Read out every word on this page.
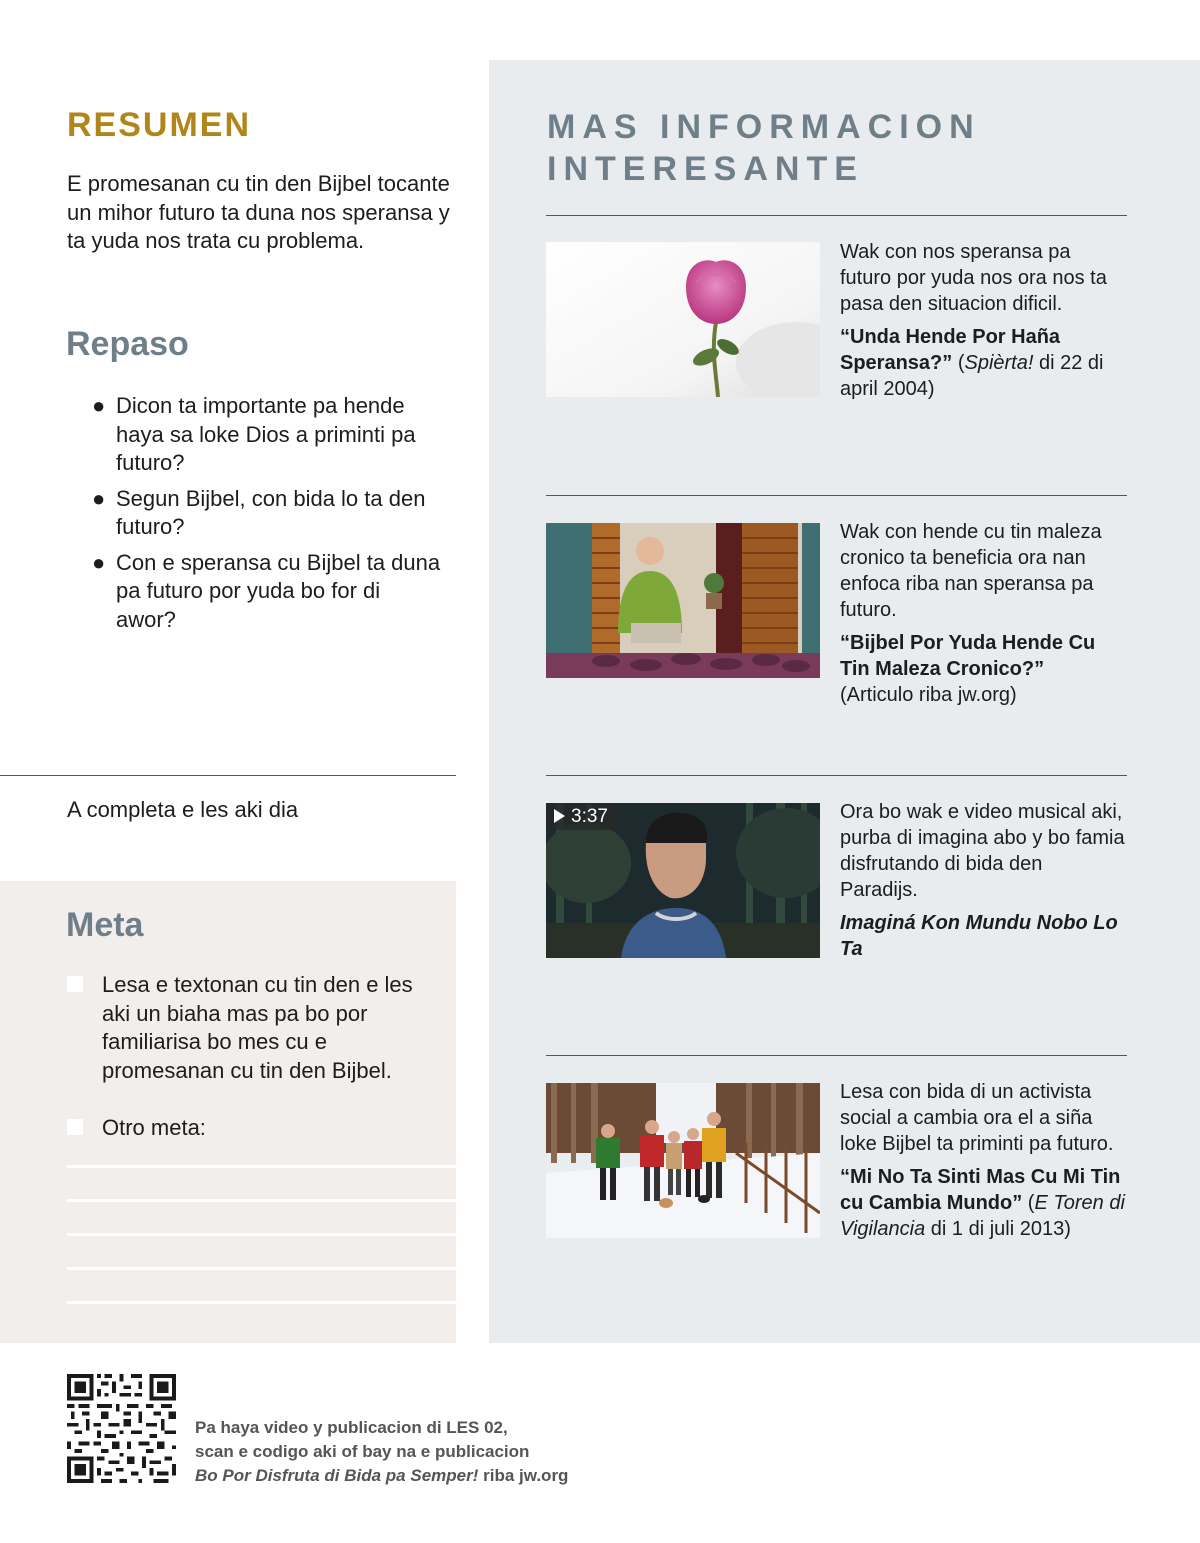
RESUMEN

E promesanan cu tin den Bijbel tocante un mihor futuro ta duna nos speransa y ta yuda nos trata cu problema.

Repaso
● Dicon ta importante pa hende haya sa loke Dios a priminti pa futuro?
● Segun Bijbel, con bida lo ta den futuro?
● Con e speransa cu Bijbel ta duna pa futuro por yuda bo for di awor?
A completa e les aki dia
Meta
Lesa e textonan cu tin den e les aki un biaha mas pa bo por familiarisa bo mes cu e promesanan cu tin den Bijbel.
Otro meta:
MAS INFORMACION
INTERESANTE
Wak con nos speransa pa futuro por yuda nos ora nos ta pasa den situacion dificil.
“Unda Hende Por Haña Speransa?” (Spièrta! di 22 di april 2004)
Wak con hende cu tin maleza cronico ta beneficia ora nan enfoca riba nan speransa pa futuro.
“Bijbel Por Yuda Hende Cu Tin Maleza Cronico?”
(Articulo riba jw.org)
3:37	Ora bo wak e video musical aki, purba di imagina abo y bo famia disfrutando di bida den Paradijs.
Imaginá Kon Mundu Nobo Lo Ta
Lesa con bida di un activista social a cambia ora el a siña loke Bijbel ta priminti pa futuro.
“Mi No Ta Sinti Mas Cu Mi Tin cu Cambia Mundo” (E Toren di Vigilancia di 1 di juli 2013)
Pa haya video y publicacion di LES 02,
scan e codigo aki of bay na e publicacion
Bo Por Disfruta di Bida pa Semper! riba jw.org
